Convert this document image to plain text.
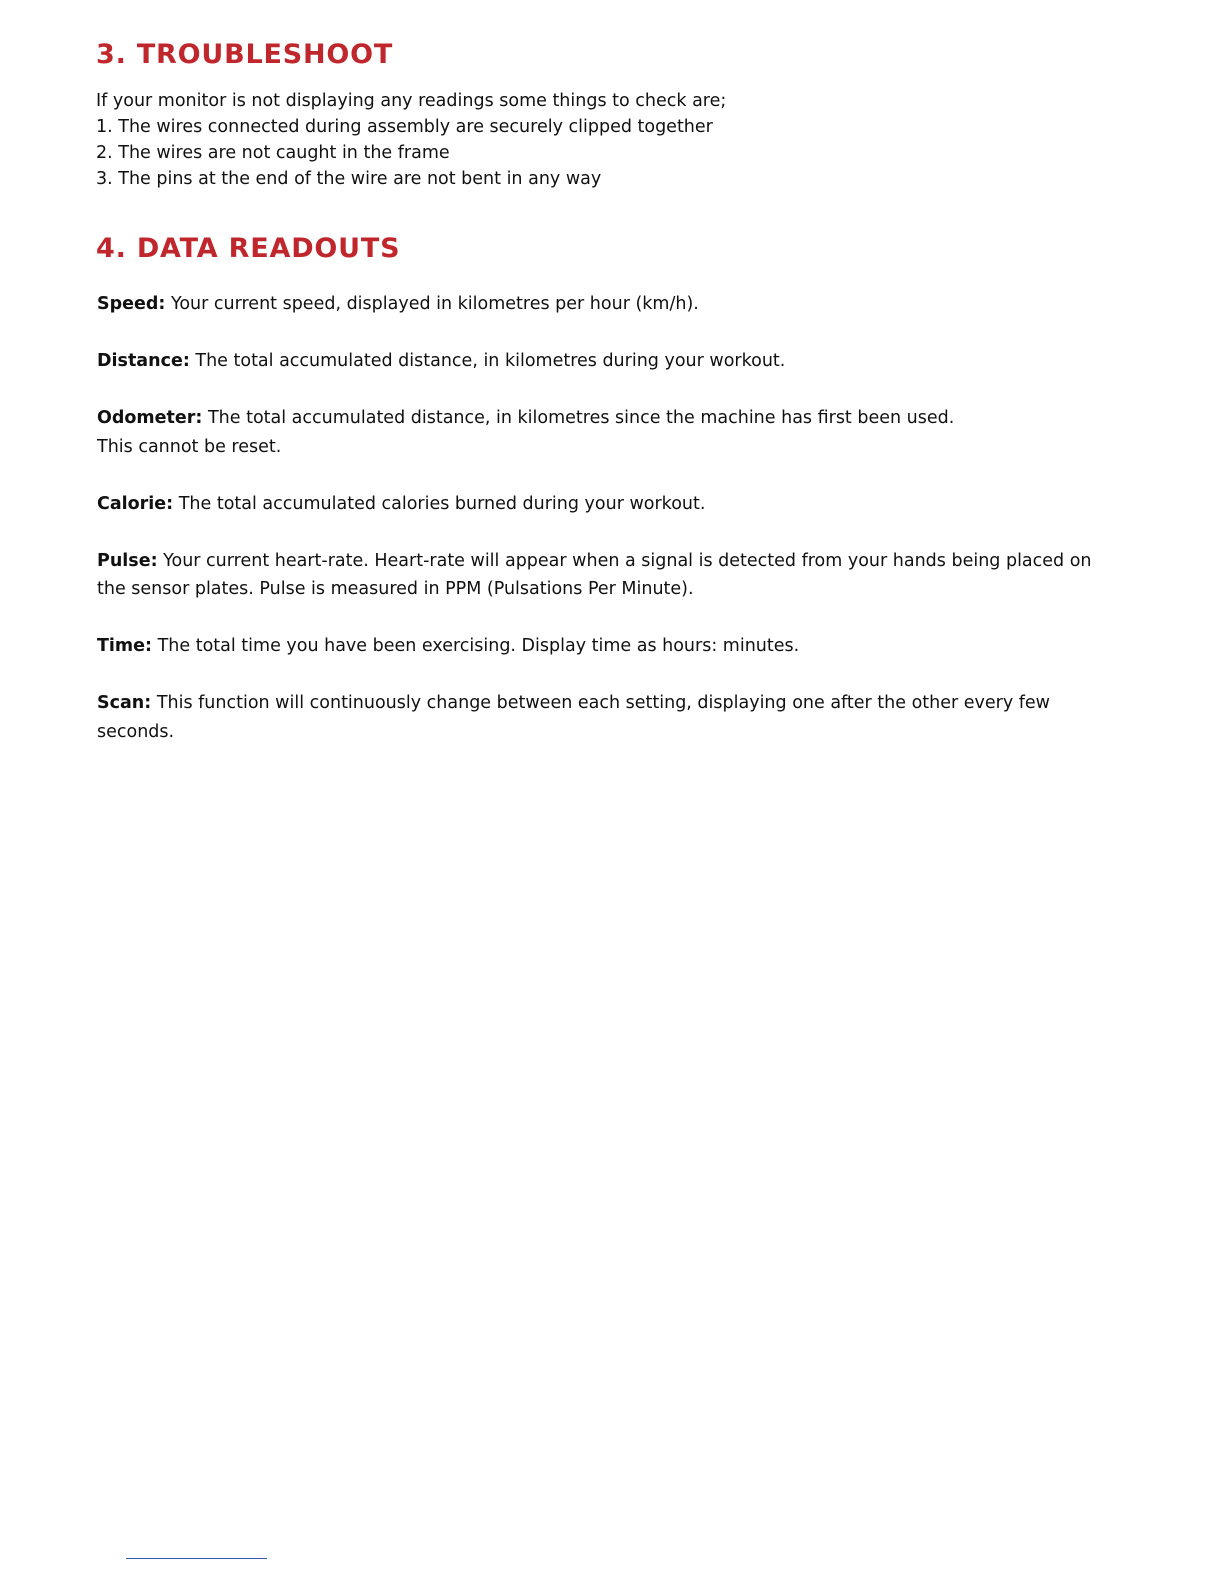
3. TROUBLESHOOT
If your monitor is not displaying any readings some things to check are;
1. The wires connected during assembly are securely clipped together
2. The wires are not caught in the frame
3. The pins at the end of the wire are not bent in any way
4. DATA READOUTS

Speed: Your current speed, displayed in kilometres per hour (km/h).

Distance: The total accumulated distance, in kilometres during your workout.

Odometer: The total accumulated distance, in kilometres since the machine has first been used.
This cannot be reset.

Calorie: The total accumulated calories burned during your workout.

Pulse: Your current heart-rate. Heart-rate will appear when a signal is detected from your hands being placed on the sensor plates. Pulse is measured in PPM (Pulsations Per Minute).

Time: The total time you have been exercising. Display time as hours: minutes.

Scan: This function will continuously change between each setting, displaying one after the other every few seconds.
